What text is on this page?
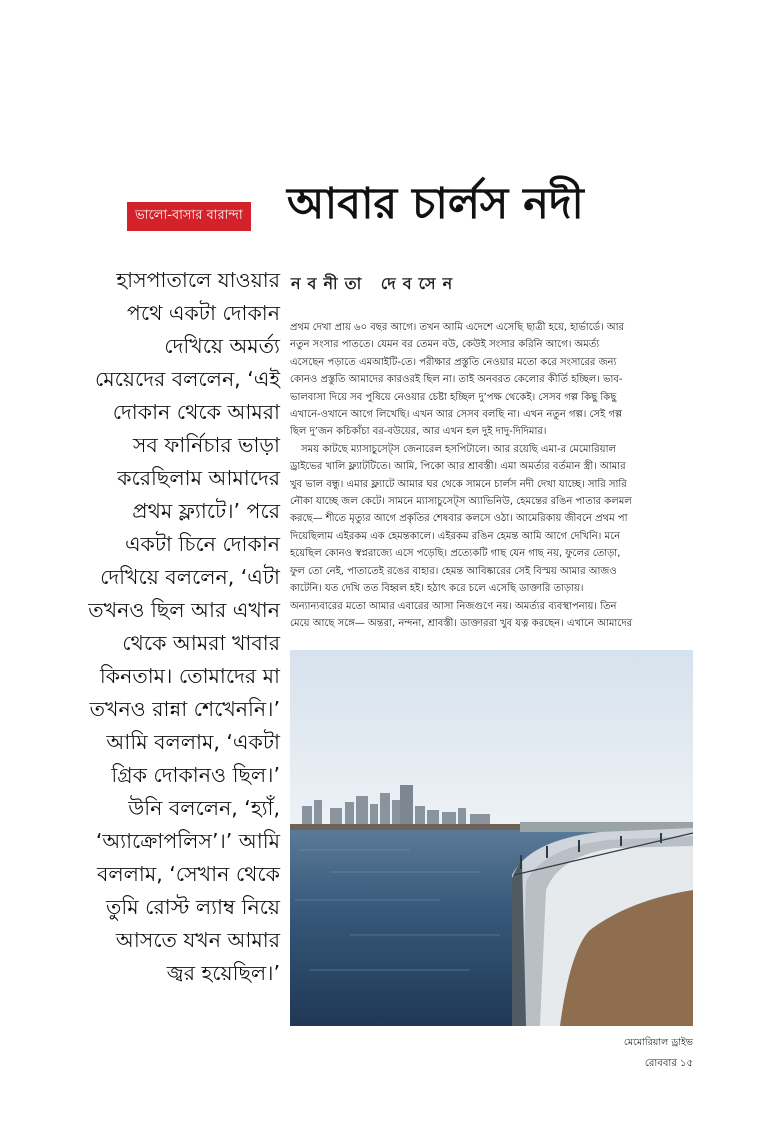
ভালো-বাসার বারান্দা আবার চার্লস নদী
নবনীতা দেবসেন
হাসপাতালে যাওয়ার
পথে একটা দোকান
দেখিয়ে অমর্ত্য
মেয়েদের বললেন, ‘এই
দোকান থেকে আমরা
সব ফার্নিচার ভাড়া
করেছিলাম আমাদের
প্রথম ফ্ল্যাটে।’ পরে
একটা চিনে দোকান
দেখিয়ে বললেন, ‘এটা
তখনও ছিল আর এখান
থেকে আমরা খাবার
কিনতাম। তোমাদের মা
তখনও রান্না শেখেননি।’
আমি বললাম, ‘একটা
গ্রিক দোকানও ছিল।’
উনি বললেন, ‘হ্যাঁ,
‘অ্যাক্রোপলিস’।’ আমি
বললাম, ‘সেখান থেকে
তুমি রোস্ট ল্যাম্ব নিয়ে
আসতে যখন আমার
জ্বর হয়েছিল।’
প্রথম দেখা প্রায় ৬০ বছর আগে। তখন আমি এদেশে এসেছি ছাত্রী হয়ে, হার্ভার্ডে। আর
নতুন সংসার পাততে। যেমন বর তেমন বউ, কেউই সংসার করিনি আগে। অমর্ত্য
এসেছেন পড়াতে এমআইটি-তে। পরীক্ষার প্রস্তুতি নেওয়ার মতো করে সংসারের জন্য
কোনও প্রস্তুতি আমাদের কারওরই ছিল না। তাই অনবরত কেলোর কীর্তি হচ্ছিল। ভাব-
ভালবাসা দিয়ে সব পুষিয়ে নেওয়ার চেষ্টা হচ্ছিল দু’পক্ষ থেকেই। সেসব গল্প কিছু কিছু
এখানে-ওখানে আগে লিখেছি। এখন আর সেসব বলছি না। এখন নতুন গল্প। সেই গল্প
ছিল দু’জন কচিকাঁচা বর-বউয়ের, আর এখন হল দুই দাদু-দিদিমার।
সময় কাটছে ম্যাসাচুসেট্স জেনারেল হসপিটালে। আর রয়েছি এমা-র মেমোরিয়াল
ড্রাইভের খালি ফ্ল্যাটটিতে। আমি, পিকো আর শ্রাবস্তী। এমা অমর্ত্যর বর্তমান স্ত্রী। আমার
খুব ভাল বন্ধু। এমার ফ্ল্যাটে আমার ঘর থেকে সামনে চার্লস নদী দেখা যাচ্ছে। সারি সারি
নৌকা যাচ্ছে জল কেটে। সামনে ম্যাসাচুসেট্স অ্যাভিনিউ, হেমন্তের রঙিন পাতার কলমল
করছে— শীতে মৃত্যুর আগে প্রকৃতির শেষবার কলসে ওঠা। আমেরিকায় জীবনে প্রথম পা
দিয়েছিলাম এইরকম এক হেমন্তকালে। এইরকম রঙিন হেমন্ত আমি আগে দেখিনি। মনে
হয়েছিল কোনও স্বপ্নরাজ্যে এসে পড়েছি। প্রত্যেকটি গাছ যেন গাছ নয়, ফুলের তোড়া,
ফুল তো নেই, পাতাতেই রঙের বাহার। হেমন্ত আবিষ্কারের সেই বিস্ময় আমার আজও
কাটেনি। যত দেখি তত বিহ্বল হই। হঠাৎ করে চলে এসেছি ডাক্তারি তাড়ায়।
অন্যান্যবারের মতো আমার এবারের আসা নিজগুণে নয়। অমর্ত্যর ব্যবস্থাপনায়। তিন
মেয়ে আছে সঙ্গে— অন্তরা, নন্দনা, শ্রাবস্তী। ডাক্তাররা খুব যত্ন করছেন। এখানে আমাদের
মেমোরিয়াল ড্রাইভ
রোববার ১৫
